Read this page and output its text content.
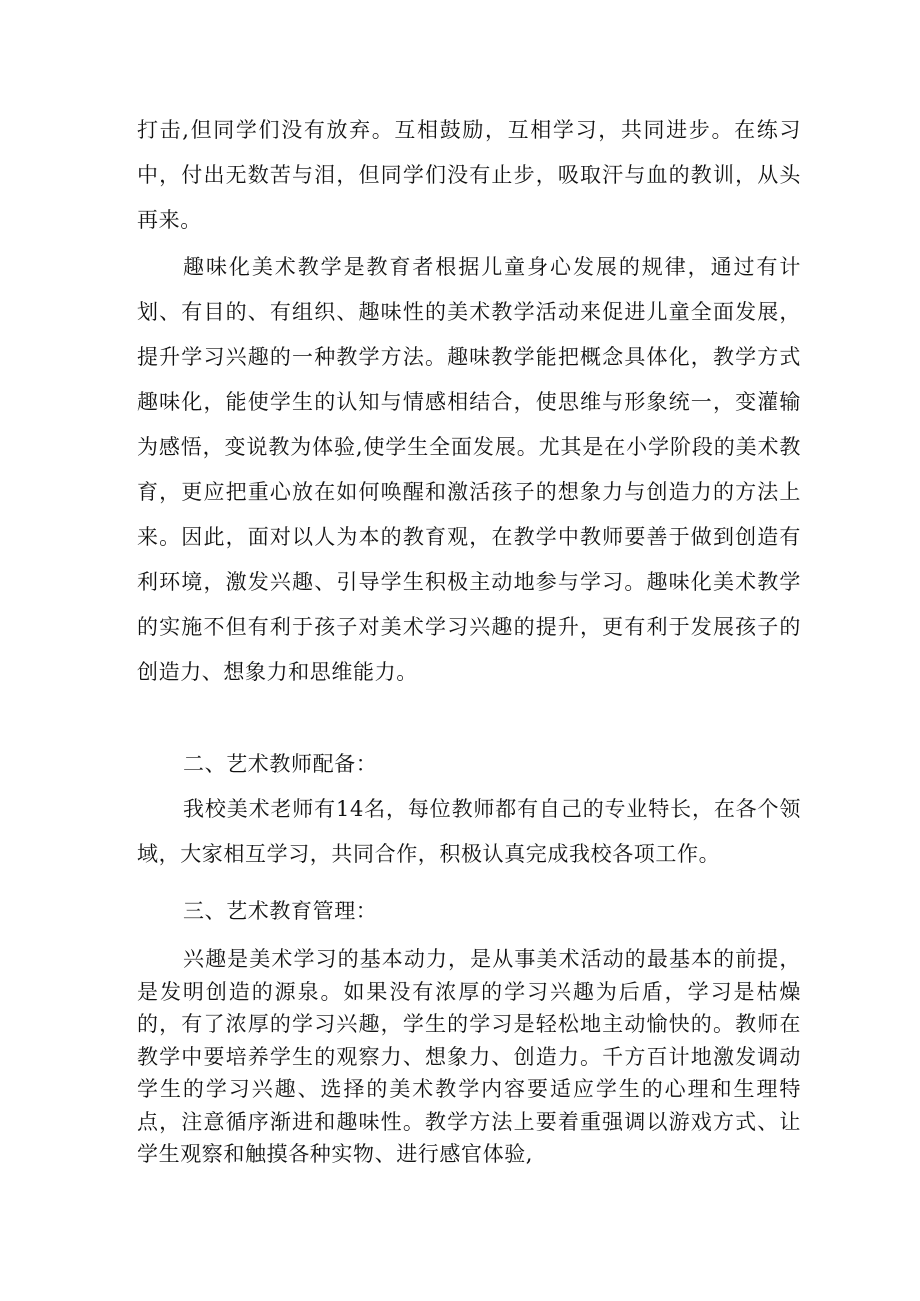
打击,但同学们没有放弃。互相鼓励，互相学习，共同进步。在练习中，付出无数苦与泪，但同学们没有止步，吸取汗与血的教训，从头再来。

趣味化美术教学是教育者根据儿童身心发展的规律，通过有计划、有目的、有组织、趣味性的美术教学活动来促进儿童全面发展，提升学习兴趣的一种教学方法。趣味教学能把概念具体化，教学方式趣味化，能使学生的认知与情感相结合，使思维与形象统一，变灌输为感悟，变说教为体验,使学生全面发展。尤其是在小学阶段的美术教育，更应把重心放在如何唤醒和激活孩子的想象力与创造力的方法上来。因此，面对以人为本的教育观，在教学中教师要善于做到创造有利环境，激发兴趣、引导学生积极主动地参与学习。趣味化美术教学的实施不但有利于孩子对美术学习兴趣的提升，更有利于发展孩子的创造力、想象力和思维能力。

二、艺术教师配备：

我校美术老师有14名，每位教师都有自己的专业特长，在各个领域，大家相互学习，共同合作，积极认真完成我校各项工作。

三、艺术教育管理：

兴趣是美术学习的基本动力，是从事美术活动的最基本的前提，是发明创造的源泉。如果没有浓厚的学习兴趣为后盾，学习是枯燥的，有了浓厚的学习兴趣，学生的学习是轻松地主动愉快的。教师在教学中要培养学生的观察力、想象力、创造力。千方百计地激发调动学生的学习兴趣、选择的美术教学内容要适应学生的心理和生理特点，注意循序渐进和趣味性。教学方法上要着重强调以游戏方式、让学生观察和触摸各种实物、进行感官体验,
